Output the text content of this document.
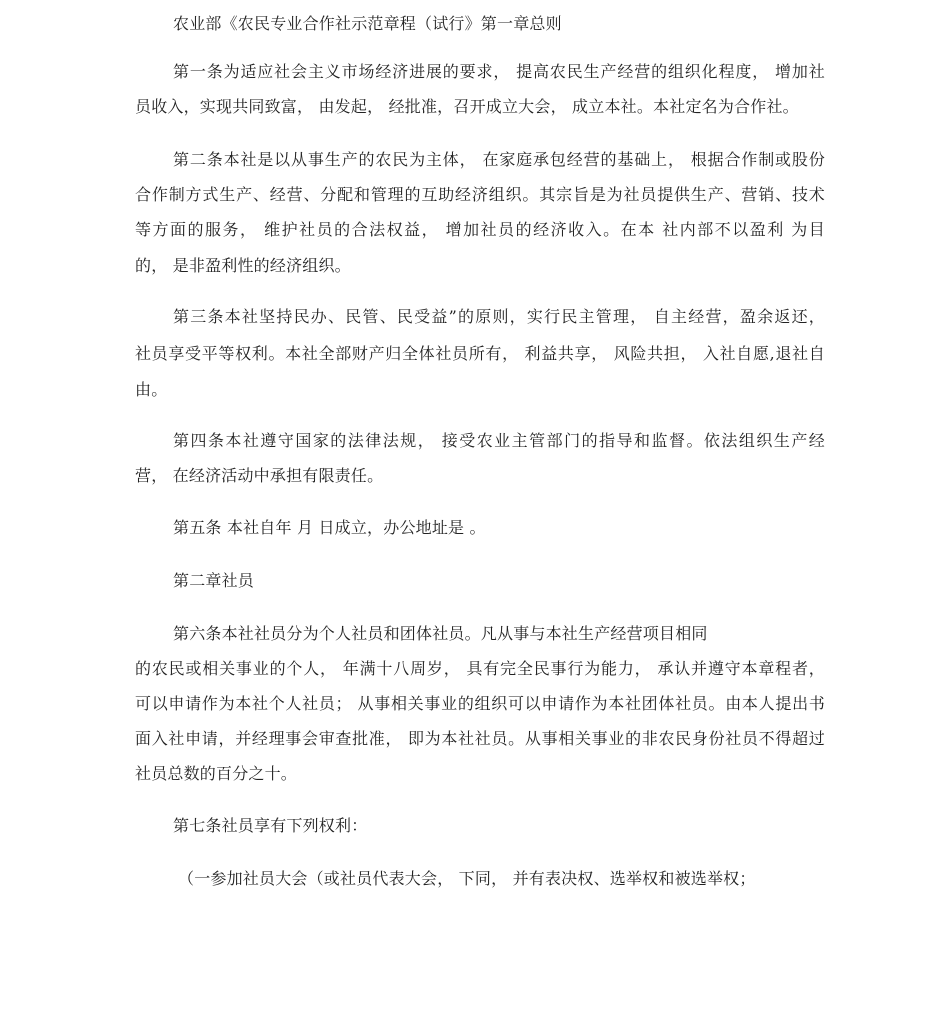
农业部《农民专业合作社示范章程（试行》第一章总则
第一条为适应社会主义市场经济进展的要求， 提高农民生产经营的组织化程度， 增加社
员收入，实现共同致富， 由发起， 经批准，召开成立大会， 成立本社。本社定名为合作社。
第二条本社是以从事生产的农民为主体， 在家庭承包经营的基础上， 根据合作制或股份
合作制方式生产、经营、分配和管理的互助经济组织。其宗旨是为社员提供生产、营销、技术
等方面的服务， 维护社员的合法权益， 增加社员的经济收入。在本 社内部不以盈利 为目
的， 是非盈利性的经济组织。
第三条本社坚持民办、民管、民受益”的原则，实行民主管理， 自主经营，盈余返还，
社员享受平等权利。本社全部财产归全体社员所有， 利益共享， 风险共担， 入社自愿,退社自
由。
第四条本社遵守国家的法律法规， 接受农业主管部门的指导和监督。依法组织生产经
营， 在经济活动中承担有限责任。
第五条 本社自年 月 日成立，办公地址是 。
第二章社员
第六条本社社员分为个人社员和团体社员。凡从事与本社生产经营项目相同
的农民或相关事业的个人， 年满十八周岁， 具有完全民事行为能力， 承认并遵守本章程者，
可以申请作为本社个人社员； 从事相关事业的组织可以申请作为本社团体社员。由本人提出书
面入社申请，并经理事会审查批准， 即为本社社员。从事相关事业的非农民身份社员不得超过
社员总数的百分之十。
第七条社员享有下列权利：
（一参加社员大会（或社员代表大会， 下同， 并有表决权、选举权和被选举权；
